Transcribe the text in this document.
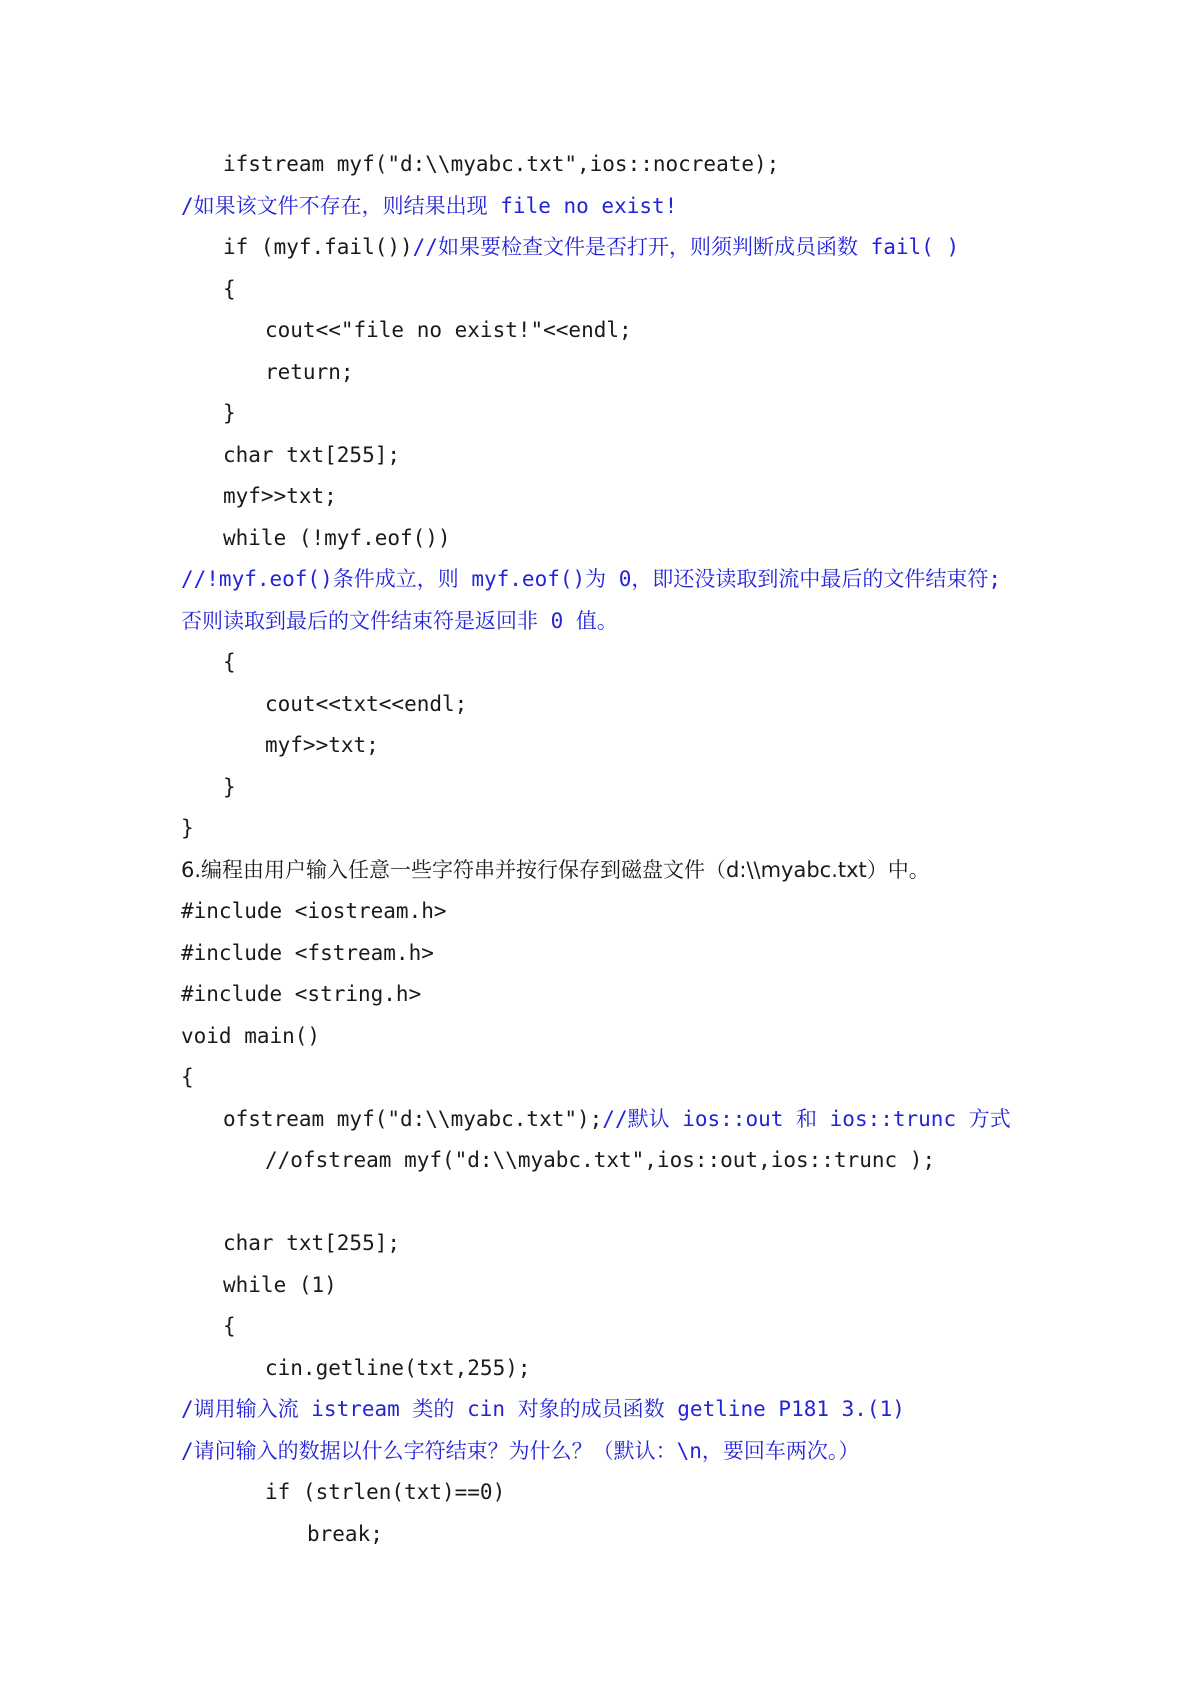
ifstream myf("d:\\myabc.txt",ios::nocreate);
/如果该文件不存在，则结果出现 file no exist!
if (myf.fail())//如果要检查文件是否打开，则须判断成员函数 fail( )
{
cout<<"file no exist!"<<endl;
return;
}
char txt[255];
myf>>txt;
while (!myf.eof())
//!myf.eof()条件成立，则 myf.eof()为 0，即还没读取到流中最后的文件结束符;
否则读取到最后的文件结束符是返回非 0 值。
{
cout<<txt<<endl;
myf>>txt;
}
}
6.编程由用户输入任意一些字符串并按行保存到磁盘文件（d:\\myabc.txt）中。
#include <iostream.h>
#include <fstream.h>
#include <string.h>
void main()
{
ofstream myf("d:\\myabc.txt");//默认 ios::out 和 ios::trunc 方式
//ofstream myf("d:\\myabc.txt",ios::out,ios::trunc );
char txt[255];
while (1)
{
cin.getline(txt,255);
/调用输入流 istream 类的 cin 对象的成员函数 getline P181 3.(1)
/请问输入的数据以什么字符结束？为什么？（默认：\n，要回车两次。）
if (strlen(txt)==0)
break;
